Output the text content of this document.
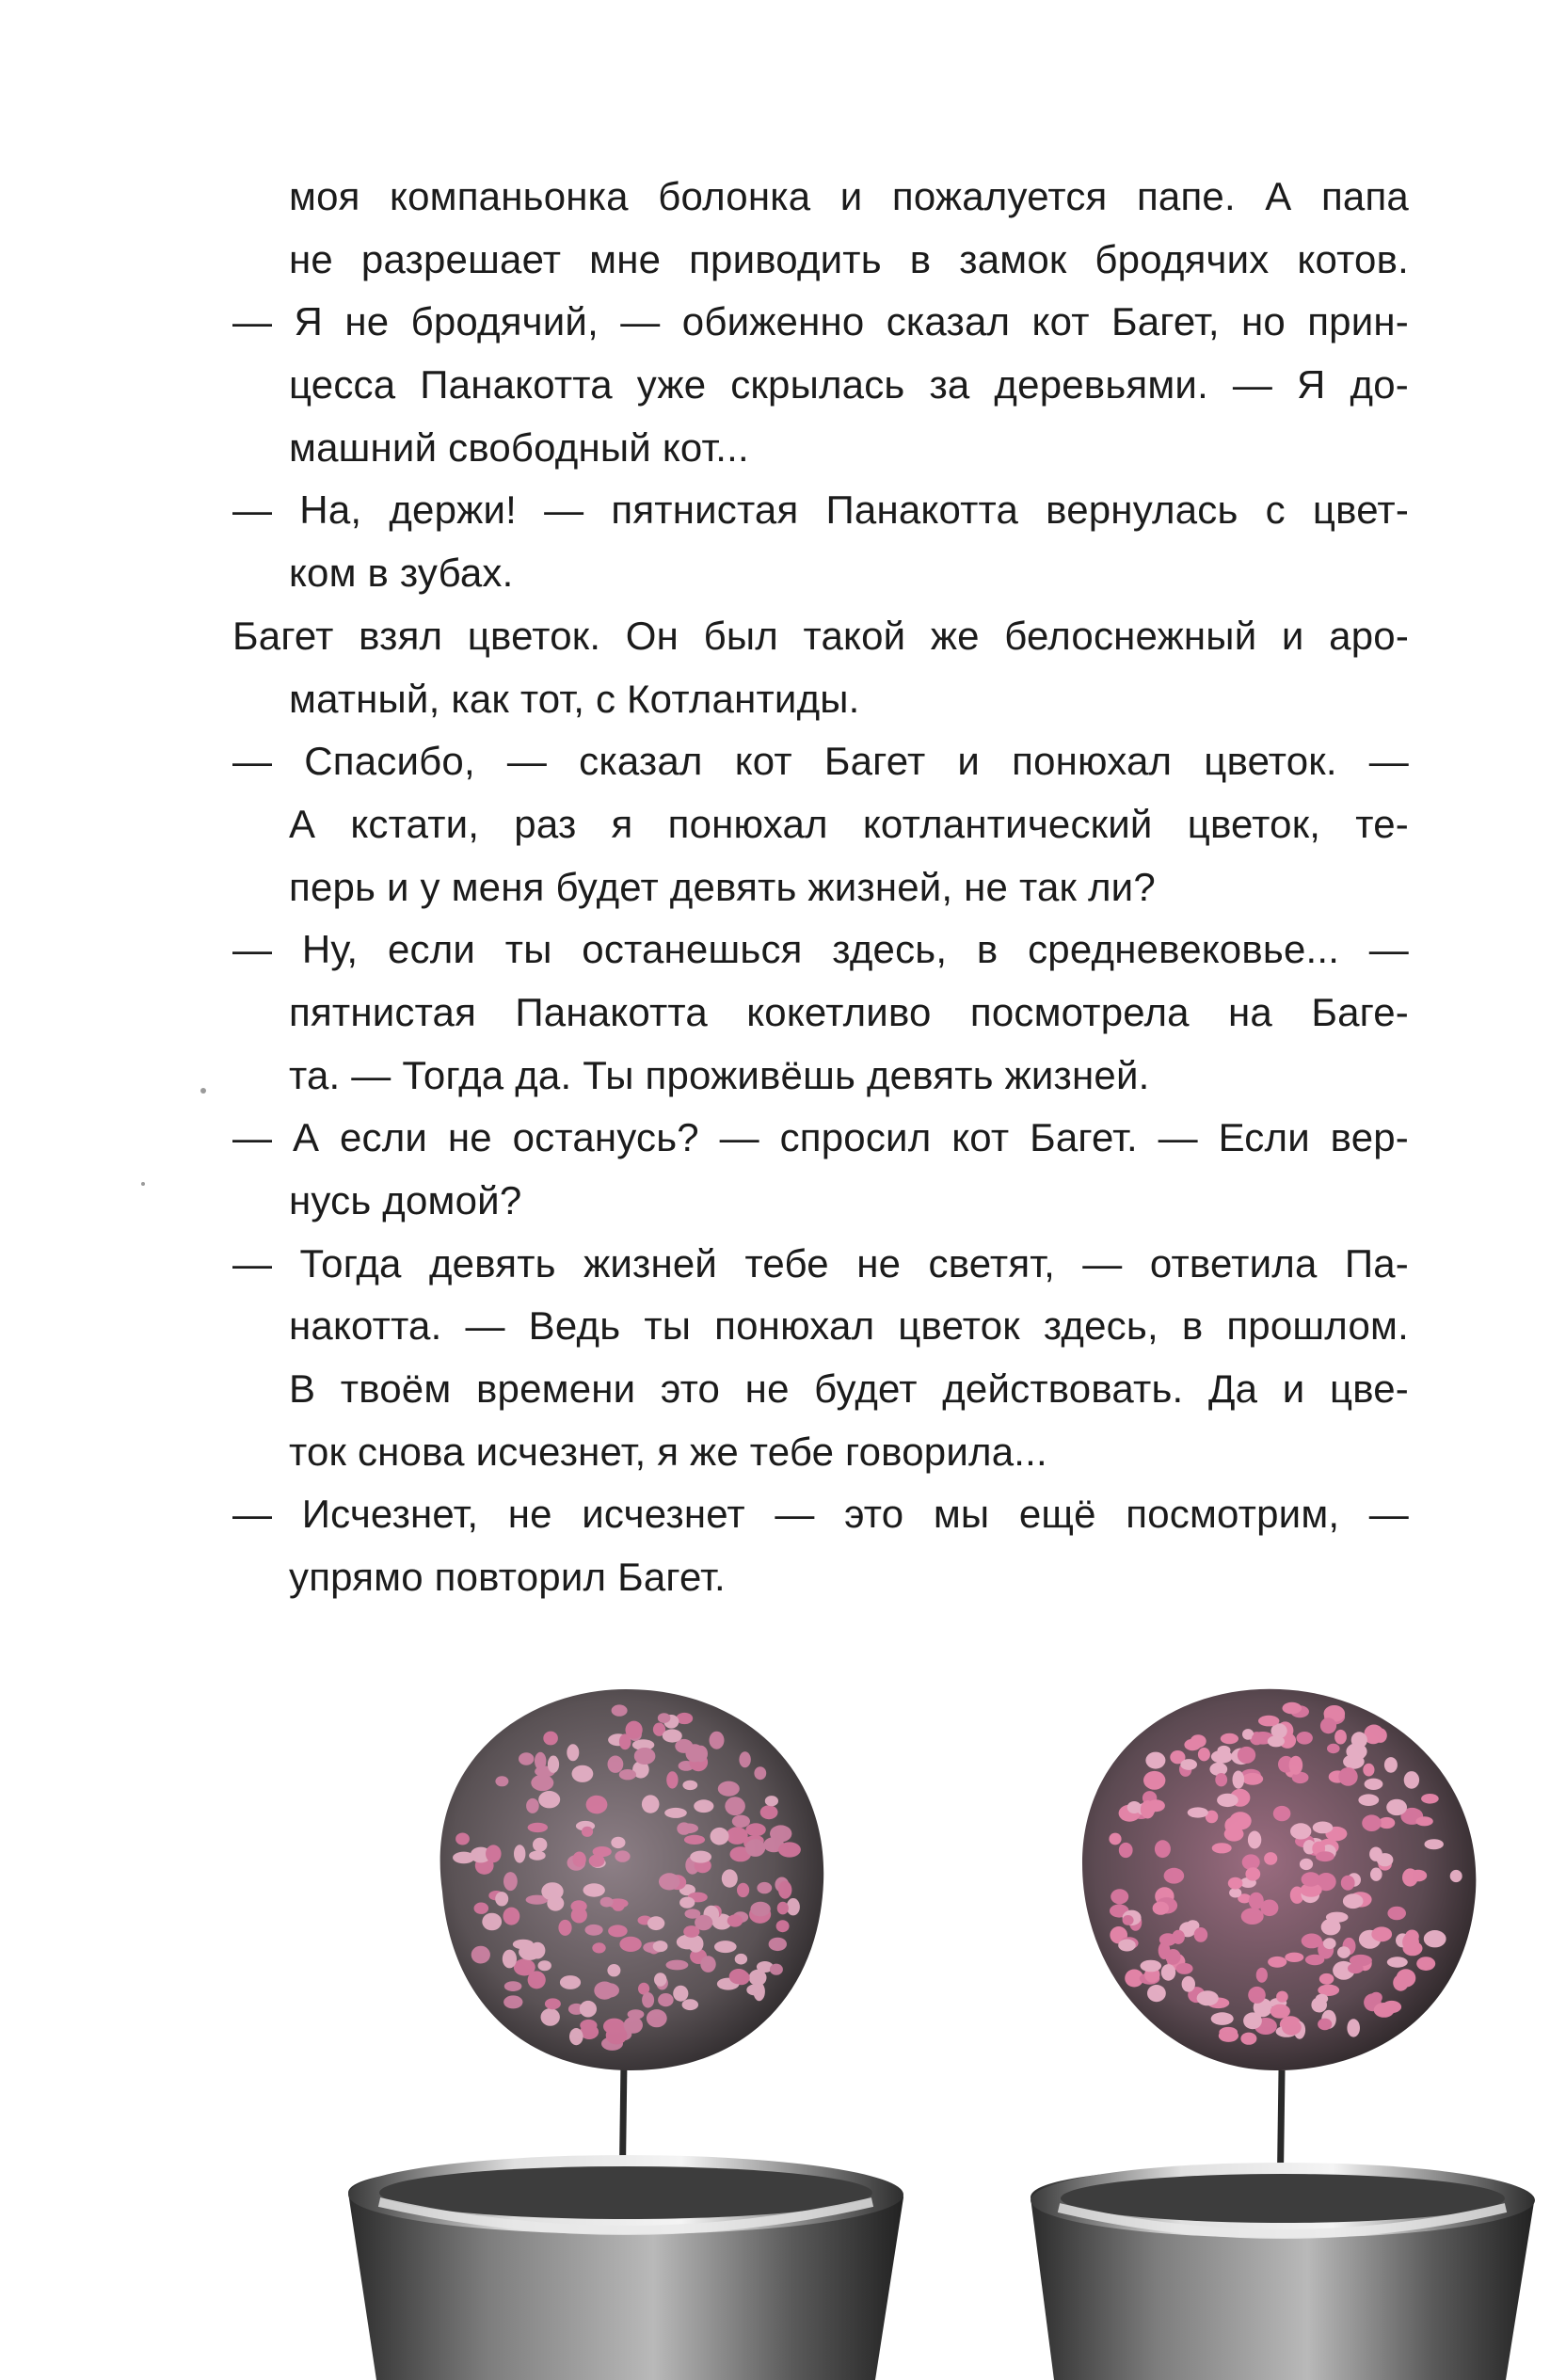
моя компаньонка болонка и пожалуется папе. А папа
не разрешает мне приводить в замок бродячих котов.
— Я не бродячий, — обиженно сказал кот Багет, но прин-
цесса Панакотта уже скрылась за деревьями. — Я до-
машний свободный кот...
— На, держи! — пятнистая Панакотта вернулась с цвет-
ком в зубах.
Багет взял цветок. Он был такой же белоснежный и аро-
матный, как тот, с Котлантиды.
— Спасибо, — сказал кот Багет и понюхал цветок. —
А кстати, раз я понюхал котлантический цветок, те-
перь и у меня будет девять жизней, не так ли?
— Ну, если ты останешься здесь, в средневековье... —
пятнистая Панакотта кокетливо посмотрела на Баге-
та. — Тогда да. Ты проживёшь девять жизней.
— А если не останусь? — спросил кот Багет. — Если вер-
нусь домой?
— Тогда девять жизней тебе не светят, — ответила Па-
накотта. — Ведь ты понюхал цветок здесь, в прошлом.
В твоём времени это не будет действовать. Да и цве-
ток снова исчезнет, я же тебе говорила...
— Исчезнет, не исчезнет — это мы ещё посмотрим, —
упрямо повторил Багет.
